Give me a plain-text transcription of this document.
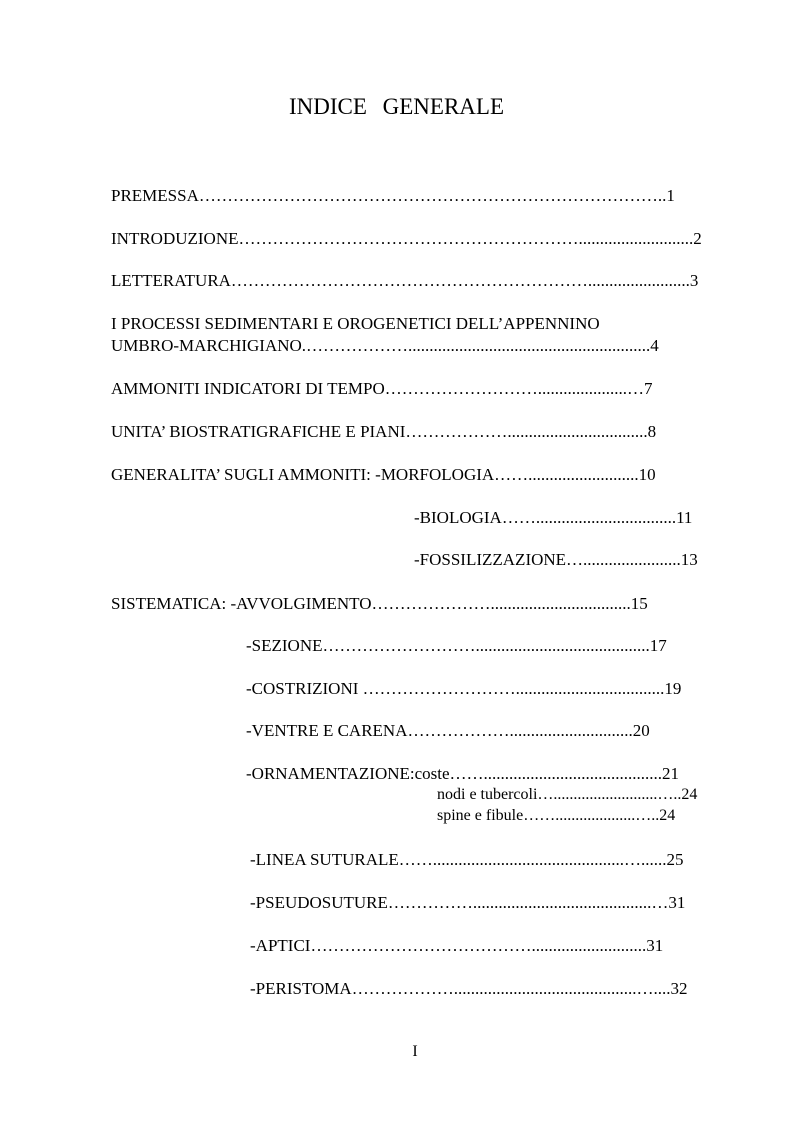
INDICE GENERALE
PREMESSA………………………………………………………………………..1
INTRODUZIONE……………………………………………………...........................2
LETTERATURA………………………………………………………........................3
I PROCESSI SEDIMENTARI E OROGENETICI DELL’APPENNINO
UMBRO-MARCHIGIANO.……………….........................................................4
AMMONITI INDICATORI DI TEMPO……………………….....................…7
UNITA’ BIOSTRATIGRAFICHE E PIANI……………….................................8
GENERALITA’ SUGLI AMMONITI: -MORFOLOGIA……..........................10
-BIOLOGIA…….................................11
-FOSSILIZZAZIONE….......................13
SISTEMATICA: -AVVOLGIMENTO………………….................................15
-SEZIONE……………………….........................................17
-COSTRIZIONI ………………………...................................19
-VENTRE E CARENA……………….............................20
-ORNAMENTAZIONE:coste……..........................................21
nodi e tubercoli…..........................…..24
spine e fibule……....................…..24
-LINEA SUTURALE…….............................................…......25
-PSEUDOSUTURE……………..........................................…31
-APTICI…………………………………...........................31
-PERISTOMA………………...........................................…....32
I
